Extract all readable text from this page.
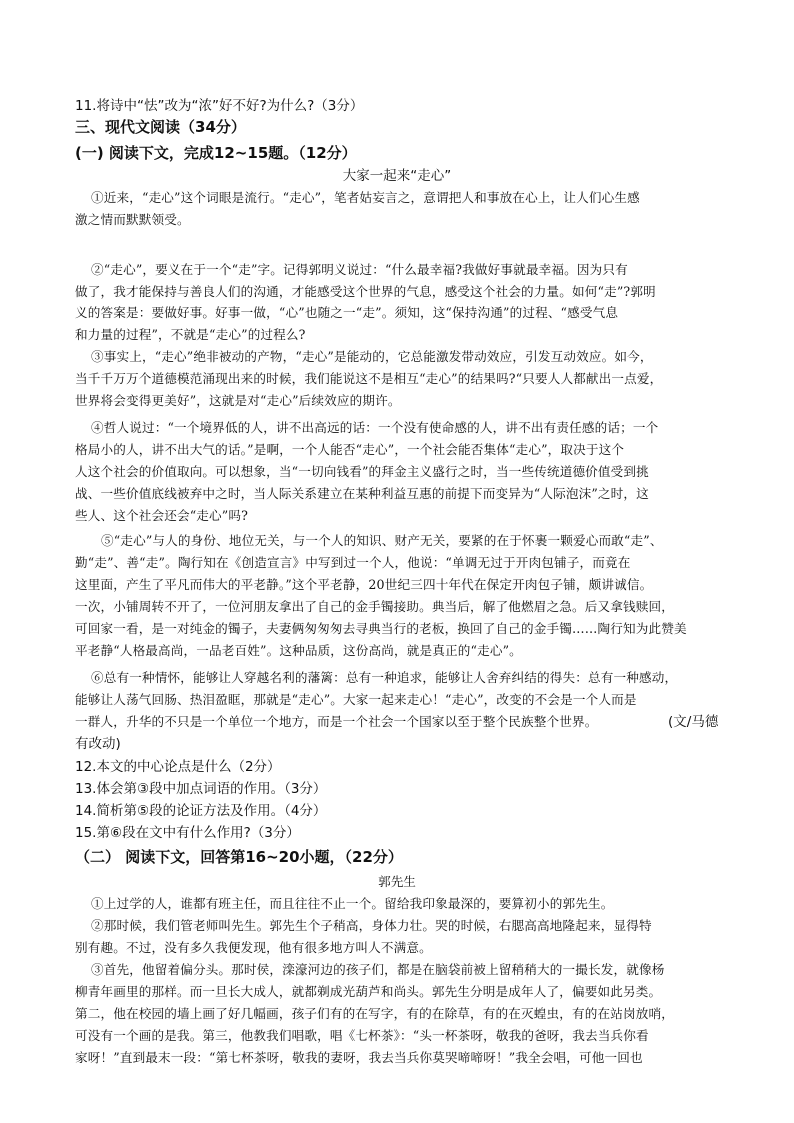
11.将诗中“怯”改为“浓”好不好?为什么?（3分）
三、现代文阅读（34分）
(一) 阅读下文，完成12~15题。（12分）
大家一起来“走心”
①近来，“走心”这个词眼是流行。“走心”，笔者姑妄言之，意谓把人和事放在心上，让人们心生感
激之情而默默领受。
②“走心”，要义在于一个“走”字。记得郭明义说过：“什么最幸福?我做好事就最幸福。因为只有
做了，我才能保持与善良人们的沟通，才能感受这个世界的气息，感受这个社会的力量。如何“走”?郭明
义的答案是：要做好事。好事一做，“心”也随之一“走”。须知，这“保持沟通”的过程、“感受气息
和力量的过程”，不就是“走心”的过程么?
③事实上，“走心”绝非被动的产物，“走心”是能动的，它总能激发带动效应，引发互动效应。如今，
当千千万万个道德模范涌现出来的时候，我们能说这不是相互“走心”的结果吗?“只要人人都献出一点爱，
世界将会变得更美好”，这就是对“走心”后续效应的期许。
④哲人说过：“一个境界低的人，讲不出高远的话：一个没有使命感的人，讲不出有责任感的话；一个
格局小的人，讲不出大气的话。”是啊，一个人能否“走心”，一个社会能否集体“走心”，取决于这个
人这个社会的价值取向。可以想象，当“一切向钱看”的拜金主义盛行之时，当一些传统道德价值受到挑
战、一些价值底线被弃中之时，当人际关系建立在某种利益互惠的前提下而变异为“人际泡沫”之时，这
些人、这个社会还会“走心”吗?
⑤“走心”与人的身份、地位无关，与一个人的知识、财产无关，要紧的在于怀裹一颗爱心而敢“走”、
勤“走”、善“走”。陶行知在《创造宣言》中写到过一个人，他说：“单调无过于开肉包铺子，而竟在
这里面，产生了平凡而伟大的平老静。”这个平老静，20世纪三四十年代在保定开肉包子铺，颇讲诚信。
一次，小铺周转不开了，一位河朋友拿出了自己的金手镯接助。典当后，解了他燃眉之急。后又拿钱赎回，
可回家一看，是一对纯金的镯子，夫妻俩匆匆匆去寻典当行的老板，换回了自己的金手镯……陶行知为此赞美
平老静“人格最高尚，一品老百姓”。这种品质，这份高尚，就是真正的“走心”。
⑥总有一种情怀，能够让人穿越名利的藩篱：总有一种追求，能够让人舍弃纠结的得失：总有一种感动，
能够让人荡气回肠、热泪盈眶，那就是“走心”。大家一起来走心！“走心”，改变的不会是一个人而是
一群人，升华的不只是一个单位一个地方，而是一个社会一个国家以至于整个民族整个世界。	(文/马德
有改动)
12.本文的中心论点是什么（2分）
13.体会第③段中加点词语的作用。（3分）
14.简析第⑤段的论证方法及作用。（4分）
15.第⑥段在文中有什么作用?（3分）
（二） 阅读下文，回答第16~20小题，（22分）
郭先生
①上过学的人，谁都有班主任，而且往往不止一个。留给我印象最深的，要算初小的郭先生。
②那时候，我们管老师叫先生。郭先生个子稍高，身体力壮。哭的时候，右腮高高地隆起来，显得特
别有趣。不过，没有多久我便发现，他有很多地方叫人不满意。
③首先，他留着偏分头。那时侯，滦濠河边的孩子们，都是在脑袋前被上留稍稍大的一撮长发，就像杨
柳青年画里的那样。而一旦长大成人，就都剃成光葫芦和尚头。郭先生分明是成年人了，偏要如此另类。
第二，他在校园的墙上画了好几幅画，孩子们有的在写字，有的在除草，有的在灭蝗虫，有的在站岗放哨，
可没有一个画的是我。第三，他教我们唱歌，唱《七杯茶》：“头一杯茶呀，敬我的爸呀，我去当兵你看
家呀！”直到最末一段：“第七杯茶呀，敬我的妻呀，我去当兵你莫哭啼啼呀！”我全会唱，可他一回也
